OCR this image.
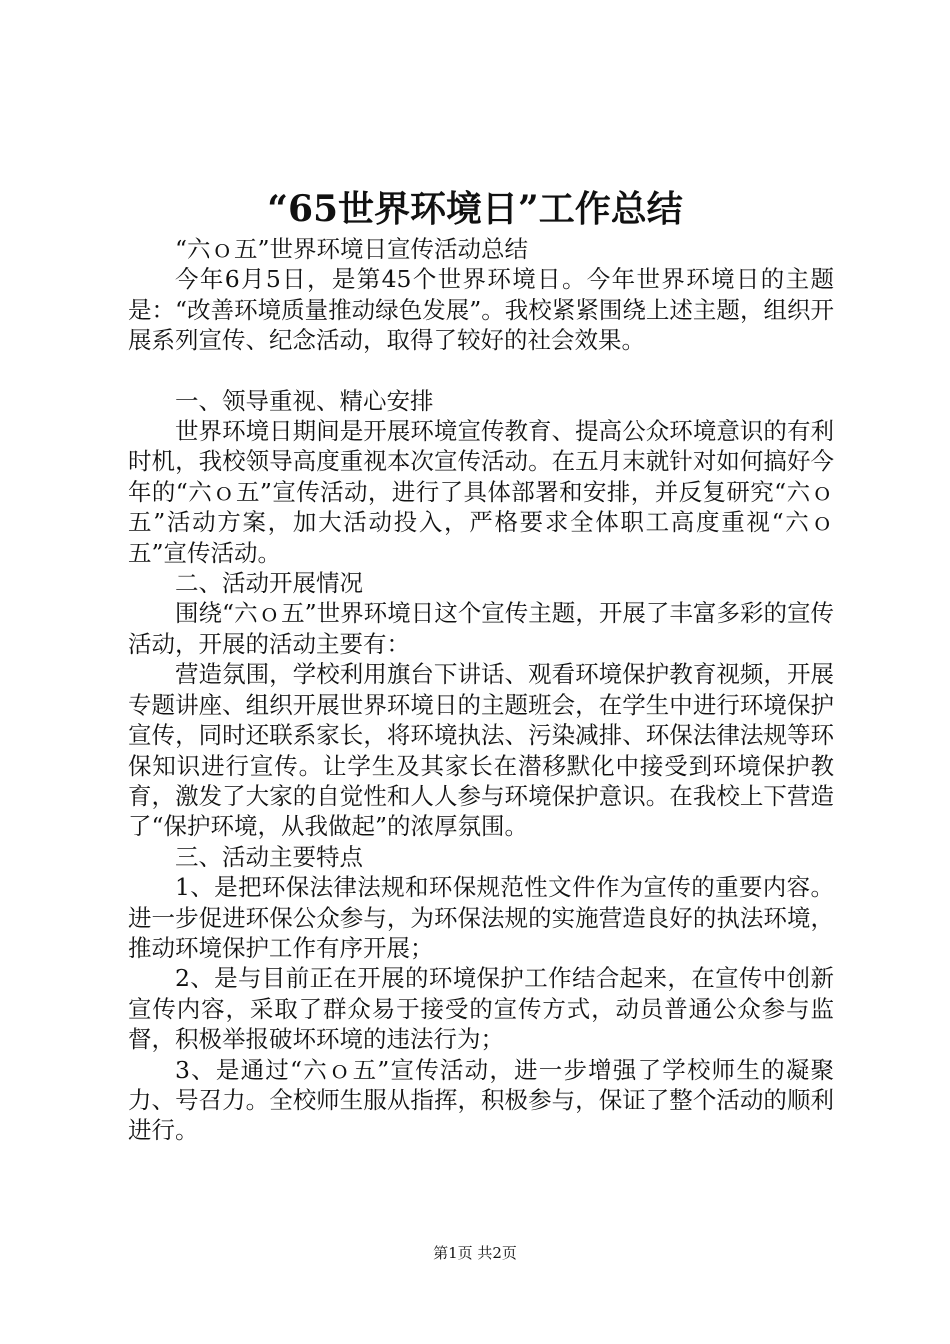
“65世界环境日”工作总结

“六ｏ五”世界环境日宣传活动总结

今年6月5日，是第45个世界环境日。今年世界环境日的主题是：“改善环境质量推动绿色发展”。我校紧紧围绕上述主题，组织开展系列宣传、纪念活动，取得了较好的社会效果。

一、领导重视、精心安排

世界环境日期间是开展环境宣传教育、提高公众环境意识的有利时机，我校领导高度重视本次宣传活动。在五月末就针对如何搞好今年的“六ｏ五”宣传活动，进行了具体部署和安排，并反复研究“六ｏ五”活动方案，加大活动投入，严格要求全体职工高度重视“六ｏ五”宣传活动。

二、活动开展情况

围绕“六ｏ五”世界环境日这个宣传主题，开展了丰富多彩的宣传活动，开展的活动主要有：

营造氛围，学校利用旗台下讲话、观看环境保护教育视频，开展专题讲座、组织开展世界环境日的主题班会，在学生中进行环境保护宣传，同时还联系家长，将环境执法、污染减排、环保法律法规等环保知识进行宣传。让学生及其家长在潜移默化中接受到环境保护教育，激发了大家的自觉性和人人参与环境保护意识。在我校上下营造了“保护环境，从我做起”的浓厚氛围。

三、活动主要特点

1、是把环保法律法规和环保规范性文件作为宣传的重要内容。进一步促进环保公众参与，为环保法规的实施营造良好的执法环境，推动环境保护工作有序开展；

2、是与目前正在开展的环境保护工作结合起来，在宣传中创新宣传内容，采取了群众易于接受的宣传方式，动员普通公众参与监督，积极举报破坏环境的违法行为；

3、是通过“六ｏ五”宣传活动，进一步增强了学校师生的凝聚力、号召力。全校师生服从指挥，积极参与，保证了整个活动的顺利进行。

第1页 共2页
